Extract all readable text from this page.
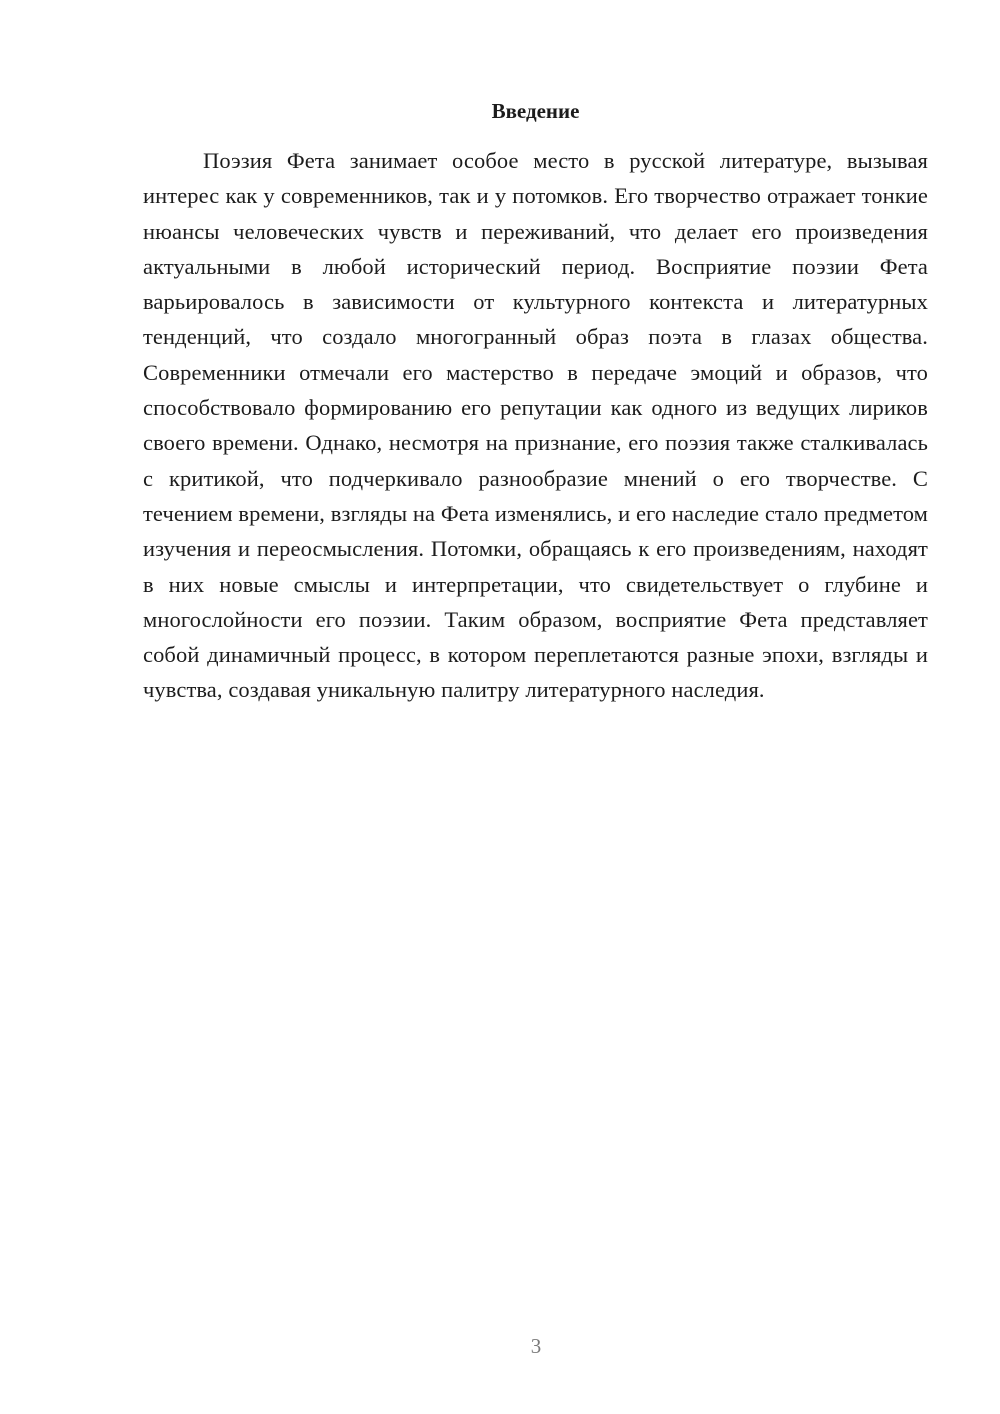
Введение

Поэзия Фета занимает особое место в русской литературе, вызывая интерес как у современников, так и у потомков. Его творчество отражает тонкие нюансы человеческих чувств и переживаний, что делает его произведения актуальными в любой исторический период. Восприятие поэзии Фета варьировалось в зависимости от культурного контекста и литературных тенденций, что создало многогранный образ поэта в глазах общества. Современники отмечали его мастерство в передаче эмоций и образов, что способствовало формированию его репутации как одного из ведущих лириков своего времени. Однако, несмотря на признание, его поэзия также сталкивалась с критикой, что подчеркивало разнообразие мнений о его творчестве. С течением времени, взгляды на Фета изменялись, и его наследие стало предметом изучения и переосмысления. Потомки, обращаясь к его произведениям, находят в них новые смыслы и интерпретации, что свидетельствует о глубине и многослойности его поэзии. Таким образом, восприятие Фета представляет собой динамичный процесс, в котором переплетаются разные эпохи, взгляды и чувства, создавая уникальную палитру литературного наследия.

3
